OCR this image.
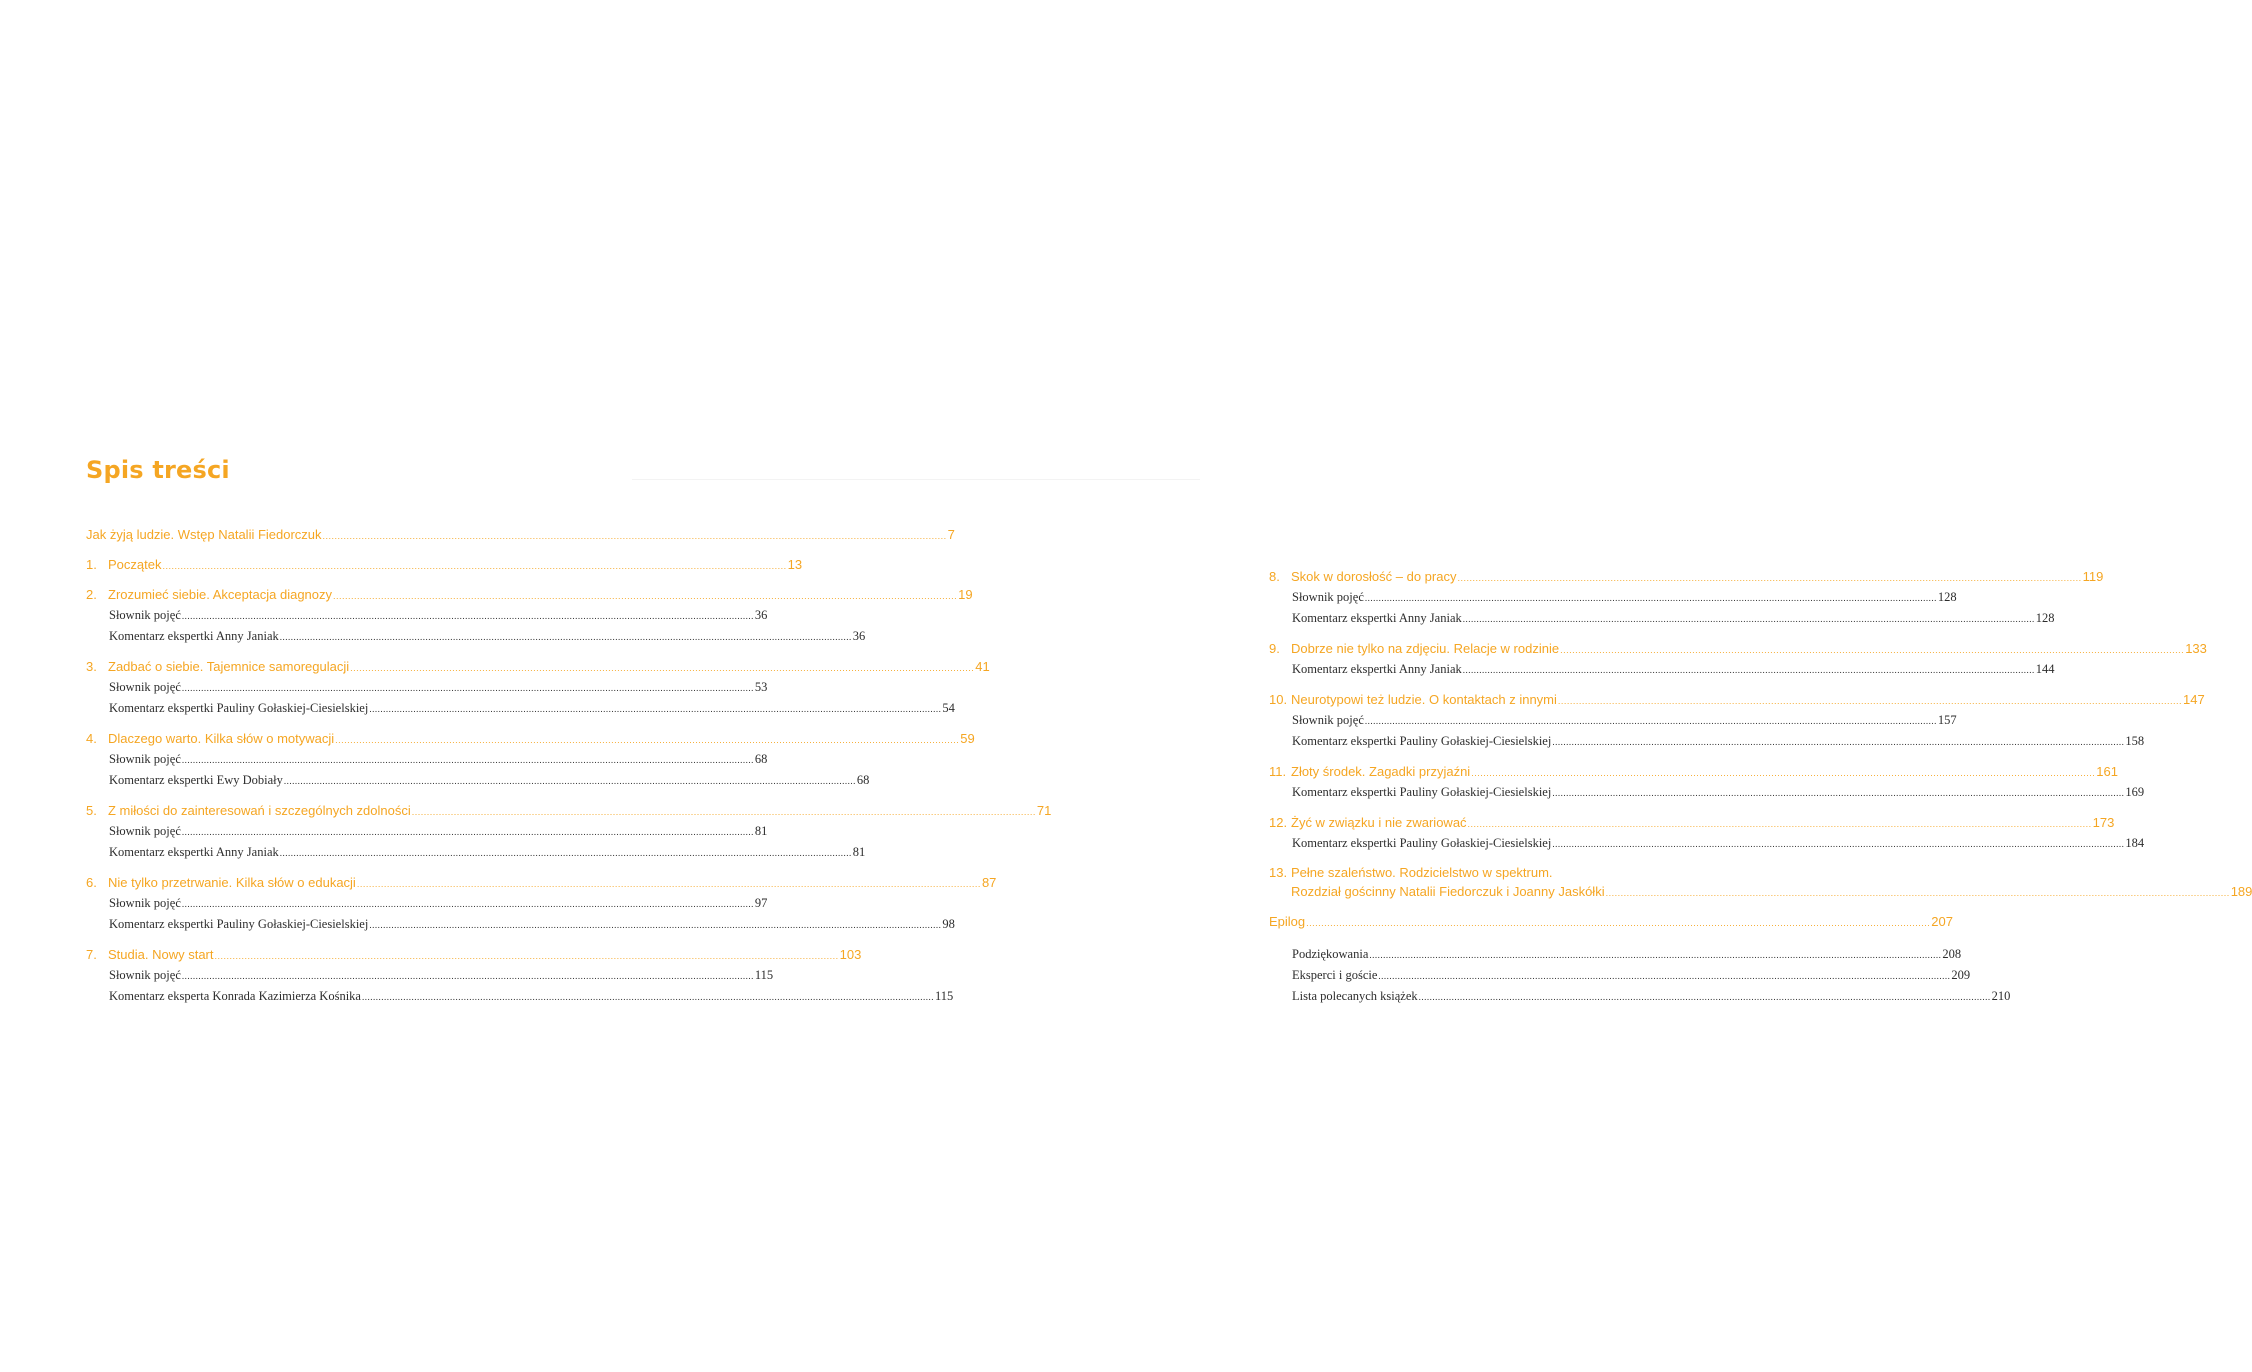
Spis treści
Jak żyją ludzie. Wstęp Natalii Fiedorczuk .....	7
1. Początek .....	13
2. Zrozumieć siebie. Akceptacja diagnozy .....	19
Słownik pojęć .....	36
Komentarz ekspertki Anny Janiak .....	36
3. Zadbać o siebie. Tajemnice samoregulacji .....	41
Słownik pojęć .....	53
Komentarz ekspertki Pauliny Gołaskiej-Ciesielskiej .....	54
4. Dlaczego warto. Kilka słów o motywacji .....	59
Słownik pojęć .....	68
Komentarz ekspertki Ewy Dobiały .....	68
5. Z miłości do zainteresowań i szczególnych zdolności .....	71
Słownik pojęć .....	81
Komentarz ekspertki Anny Janiak .....	81
6. Nie tylko przetrwanie. Kilka słów o edukacji .....	87
Słownik pojęć .....	97
Komentarz ekspertki Pauliny Gołaskiej-Ciesielskiej .....	98
7. Studia. Nowy start .....	103
Słownik pojęć .....	115
Komentarz eksperta Konrada Kazimierza Kośnika .....	115
8. Skok w dorosłość – do pracy .....	119
Słownik pojęć .....	128
Komentarz ekspertki Anny Janiak .....	128
9. Dobrze nie tylko na zdjęciu. Relacje w rodzinie .....	133
Komentarz ekspertki Anny Janiak .....	144
10. Neurotypowi też ludzie. O kontaktach z innymi .....	147
Słownik pojęć .....	157
Komentarz ekspertki Pauliny Gołaskiej-Ciesielskiej .....	158
11. Złoty środek. Zagadki przyjaźni .....	161
Komentarz ekspertki Pauliny Gołaskiej-Ciesielskiej .....	169
12. Żyć w związku i nie zwariować .....	173
Komentarz ekspertki Pauliny Gołaskiej-Ciesielskiej .....	184
13. Pełne szaleństwo. Rodzicielstwo w spektrum.
Rozdział gościnny Natalii Fiedorczuk i Joanny Jaskółki .....	189
Epilog .....	207
Podziękowania .....	208
Eksperci i goście .....	209
Lista polecanych książek .....	210
